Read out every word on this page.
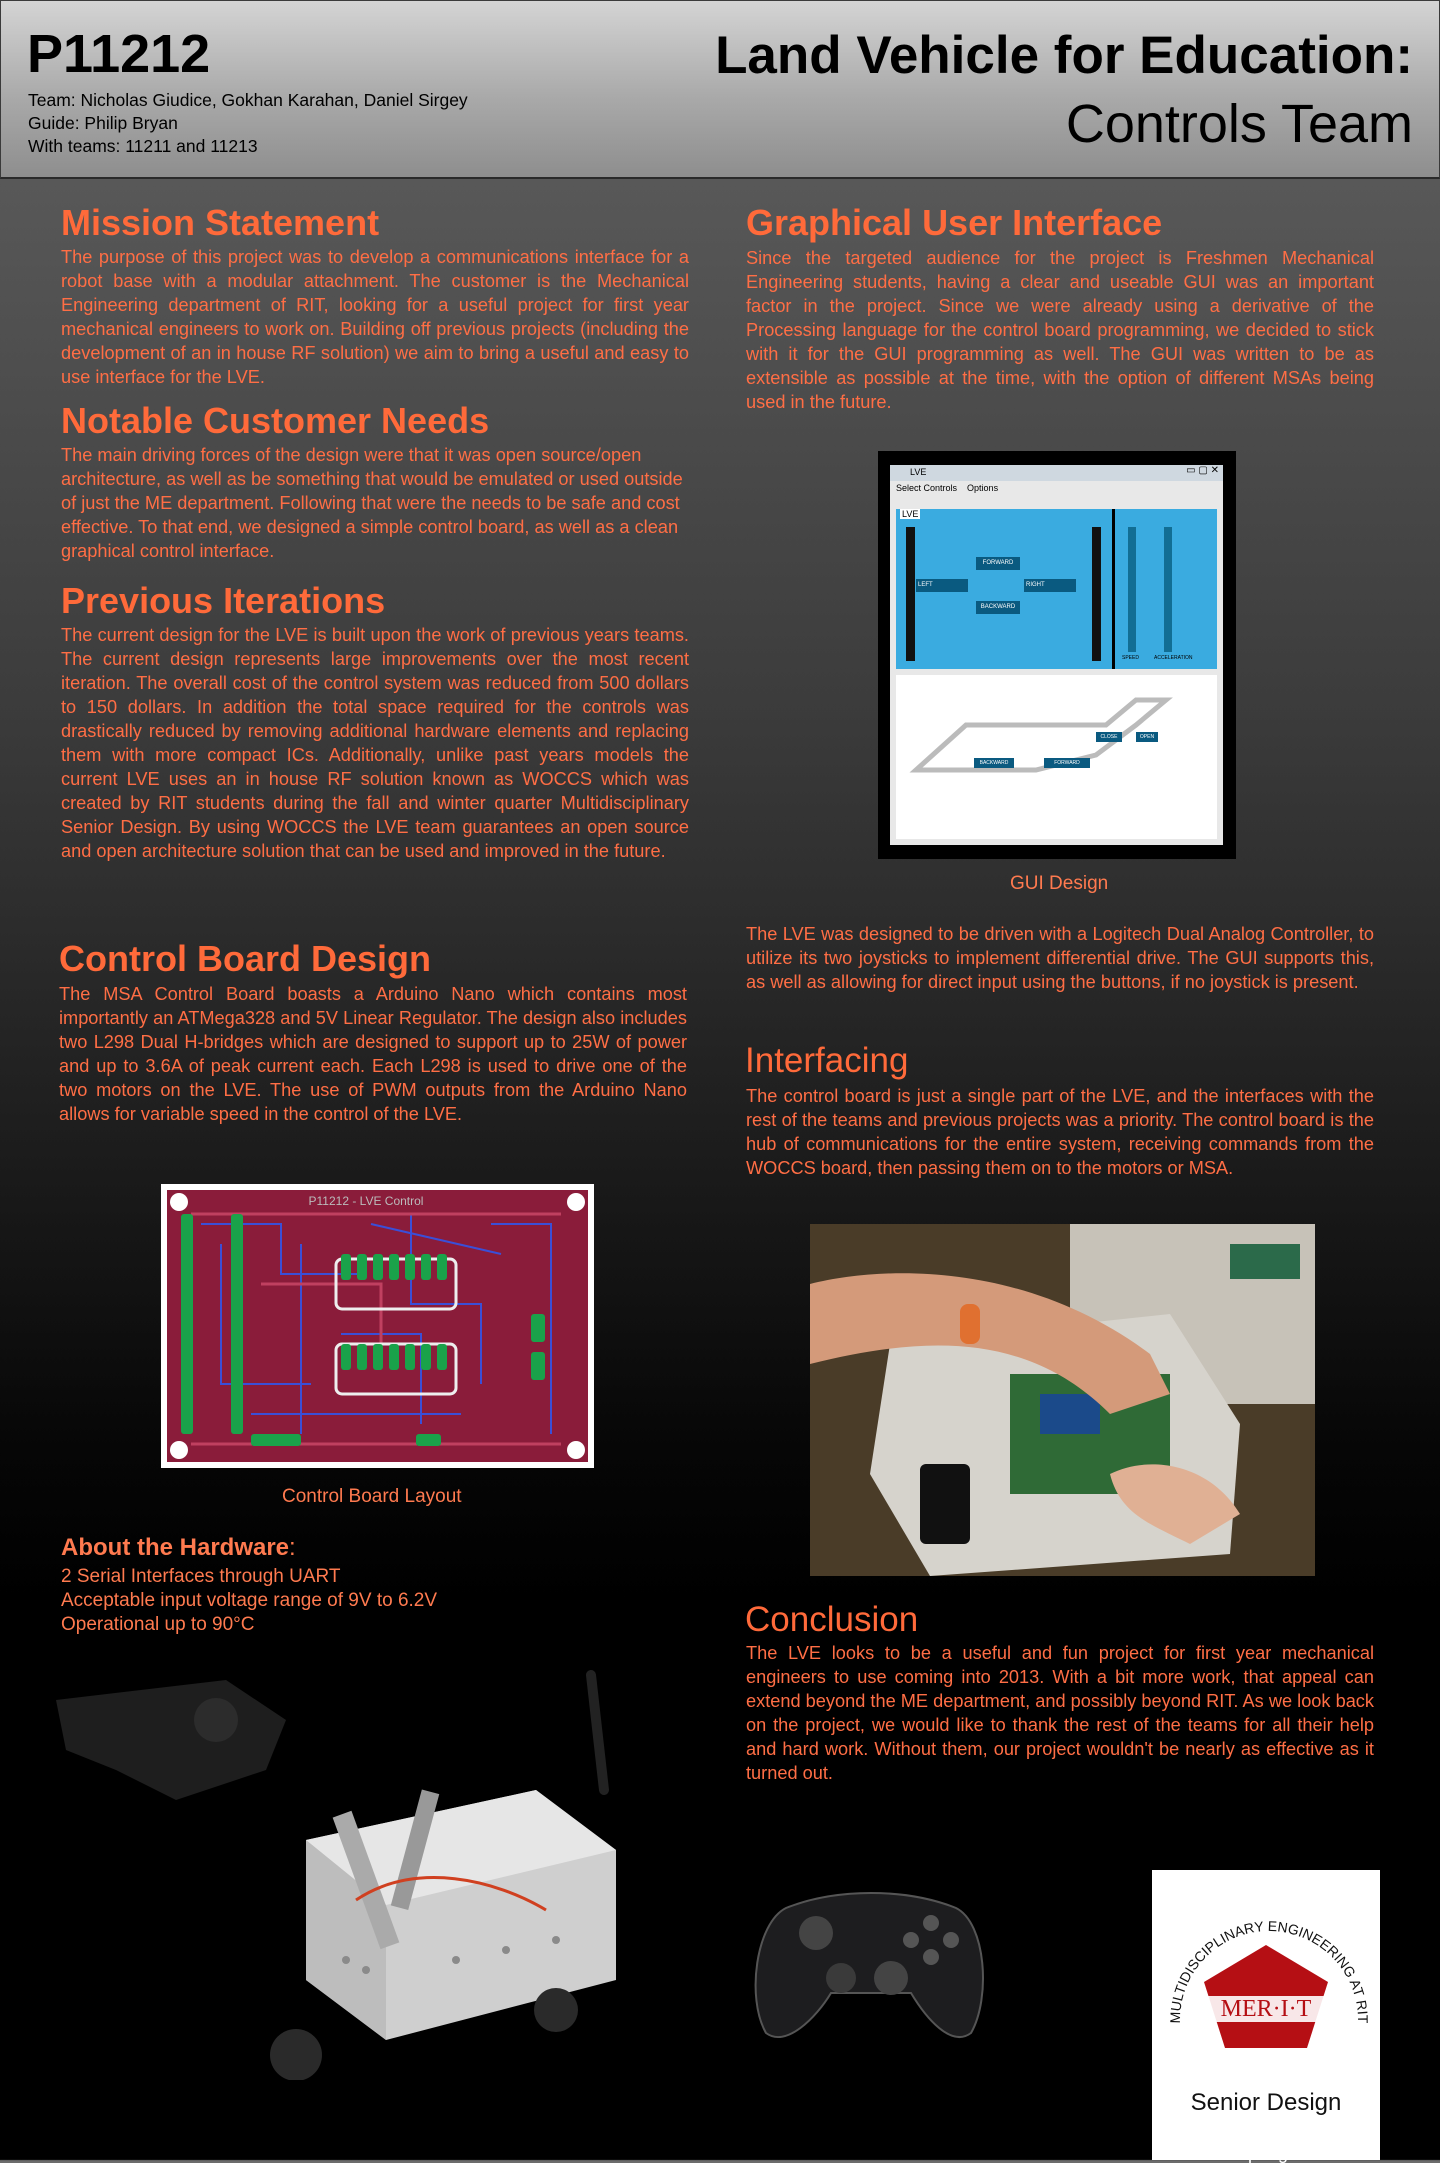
P11212
Team: Nicholas Giudice, Gokhan Karahan, Daniel Sirgey
Guide: Philip Bryan
With teams: 11211 and 11213
Land Vehicle for Education:
Controls Team
Mission Statement

The purpose of this project was to develop a communications interface for a robot base with a modular attachment. The customer is the Mechanical Engineering department of RIT, looking for a useful project for first year mechanical engineers to work on. Building off previous projects (including the development of an in house RF solution) we aim to bring a useful and easy to use interface for the LVE.

Notable Customer Needs

The main driving forces of the design were that it was open source/open architecture, as well as be something that would be emulated or used outside of just the ME department. Following that were the needs to be safe and cost effective. To that end, we designed a simple control board, as well as a clean graphical control interface.

Previous Iterations

The current design for the LVE is built upon the work of previous years teams. The current design represents large improvements over the most recent iteration. The overall cost of the control system was reduced from 500 dollars to 150 dollars. In addition the total space required for the controls was drastically reduced by removing additional hardware elements and replacing them with more compact ICs. Additionally, unlike past years models the current LVE uses an in house RF solution known as WOCCS which was created by RIT students during the fall and winter quarter Multidisciplinary Senior Design. By using WOCCS the LVE team guarantees an open source and open architecture solution that can be used and improved in the future.

Control Board Design

The MSA Control Board boasts a Arduino Nano which contains most importantly an ATMega328 and 5V Linear Regulator. The design also includes two L298 Dual H-bridges which are designed to support up to 25W of power and up to 3.6A of peak current each. Each L298 is used to drive one of the two motors on the LVE. The use of PWM outputs from the Arduino Nano allows for variable speed in the control of the LVE.

P11212 - LVE Control
Control Board Layout
About the Hardware:
2 Serial Interfaces through UART
Acceptable input voltage range of 9V to 6.2V
Operational up to 90°C
Graphical User Interface

Since the targeted audience for the project is Freshmen Mechanical Engineering students, having a clear and useable GUI was an important factor in the project. Since we were already using a derivative of the Processing language for the control board programming, we decided to stick with it for the GUI programming as well. The GUI was written to be as extensible as possible at the time, with the option of different MSAs being used in the future.

LVE	▭ ▢ ✕
Select Controls Options
LVE
FORWARD
LEFT	RIGHT
BACKWARD
SPEED	ACCELERATION
BACKWARD	FORWARD
CLOSE	OPEN
GUI Design

The LVE was designed to be driven with a Logitech Dual Analog Controller, to utilize its two joysticks to implement differential drive. The GUI supports this, as well as allowing for direct input using the buttons, if no joystick is present.

Interfacing

The control board is just a single part of the LVE, and the interfaces with the rest of the teams and previous projects was a priority. The control board is the hub of communications for the entire system, receiving commands from the WOCCS board, then passing them on to the motors or MSA.

Conclusion

The LVE looks to be a useful and fun project for first year mechanical engineers to use coming into 2013. With a bit more work, that appeal can extend beyond the ME department, and possibly beyond RIT. As we look back on the project, we would like to thank the rest of the teams for all their help and hard work. Without them, our project wouldn't be nearly as effective as it turned out.

MULTIDISCIPLINARY ENGINEERING AT RIT
MER·I·T
Senior Design
Winter-Spring 2010-2011
